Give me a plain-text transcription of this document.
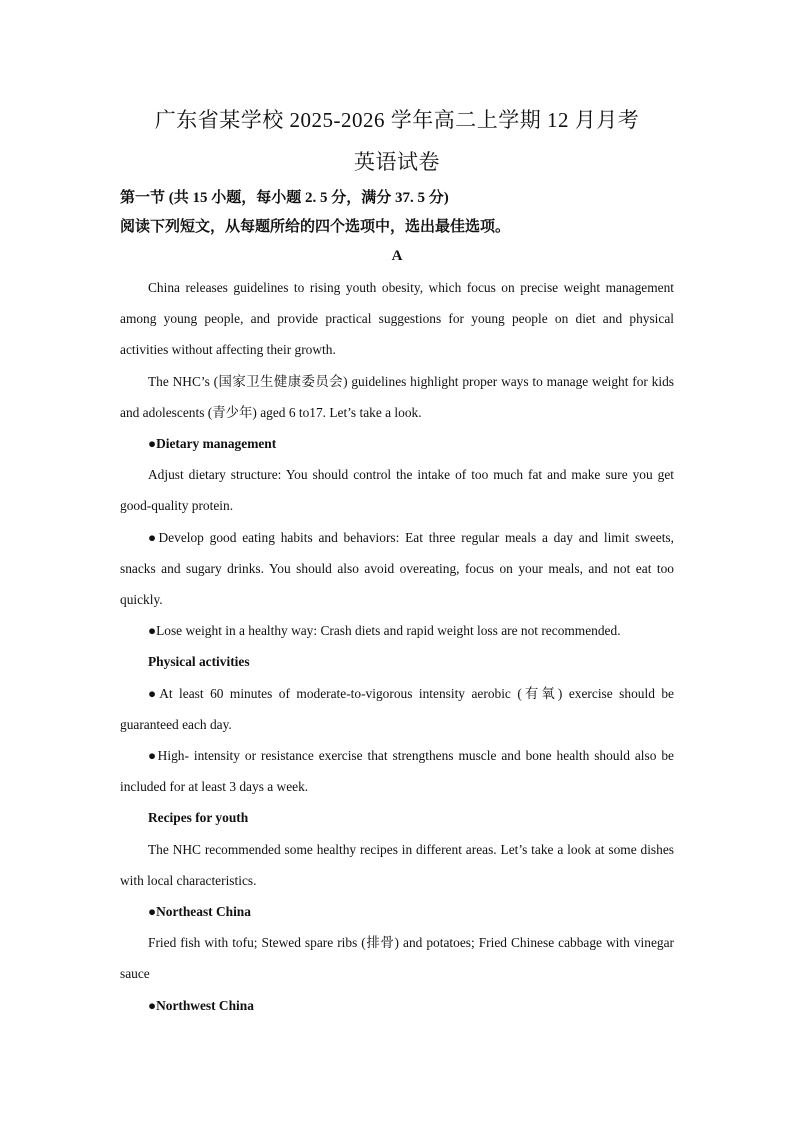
广东省某学校 2025-2026 学年高二上学期 12 月月考
英语试卷
第一节 (共 15 小题，每小题 2. 5 分，满分 37. 5 分)
阅读下列短文，从每题所给的四个选项中，选出最佳选项。
A

China releases guidelines to rising youth obesity, which focus on precise weight management among young people, and provide practical suggestions for young people on diet and physical activities without affecting their growth.

The NHC’s (国家卫生健康委员会) guidelines highlight proper ways to manage weight for kids and adolescents (青少年) aged 6 to17. Let’s take a look.

●Dietary management

Adjust dietary structure: You should control the intake of too much fat and make sure you get good-quality protein.

●Develop good eating habits and behaviors: Eat three regular meals a day and limit sweets, snacks and sugary drinks. You should also avoid overeating, focus on your meals, and not eat too quickly.

●Lose weight in a healthy way: Crash diets and rapid weight loss are not recommended.

Physical activities

●At least 60 minutes of moderate-to-vigorous intensity aerobic (有氧) exercise should be guaranteed each day.

●High- intensity or resistance exercise that strengthens muscle and bone health should also be included for at least 3 days a week.

Recipes for youth

The NHC recommended some healthy recipes in different areas. Let’s take a look at some dishes with local characteristics.

●Northeast China

Fried fish with tofu; Stewed spare ribs (排骨) and potatoes; Fried Chinese cabbage with vinegar sauce

●Northwest China
